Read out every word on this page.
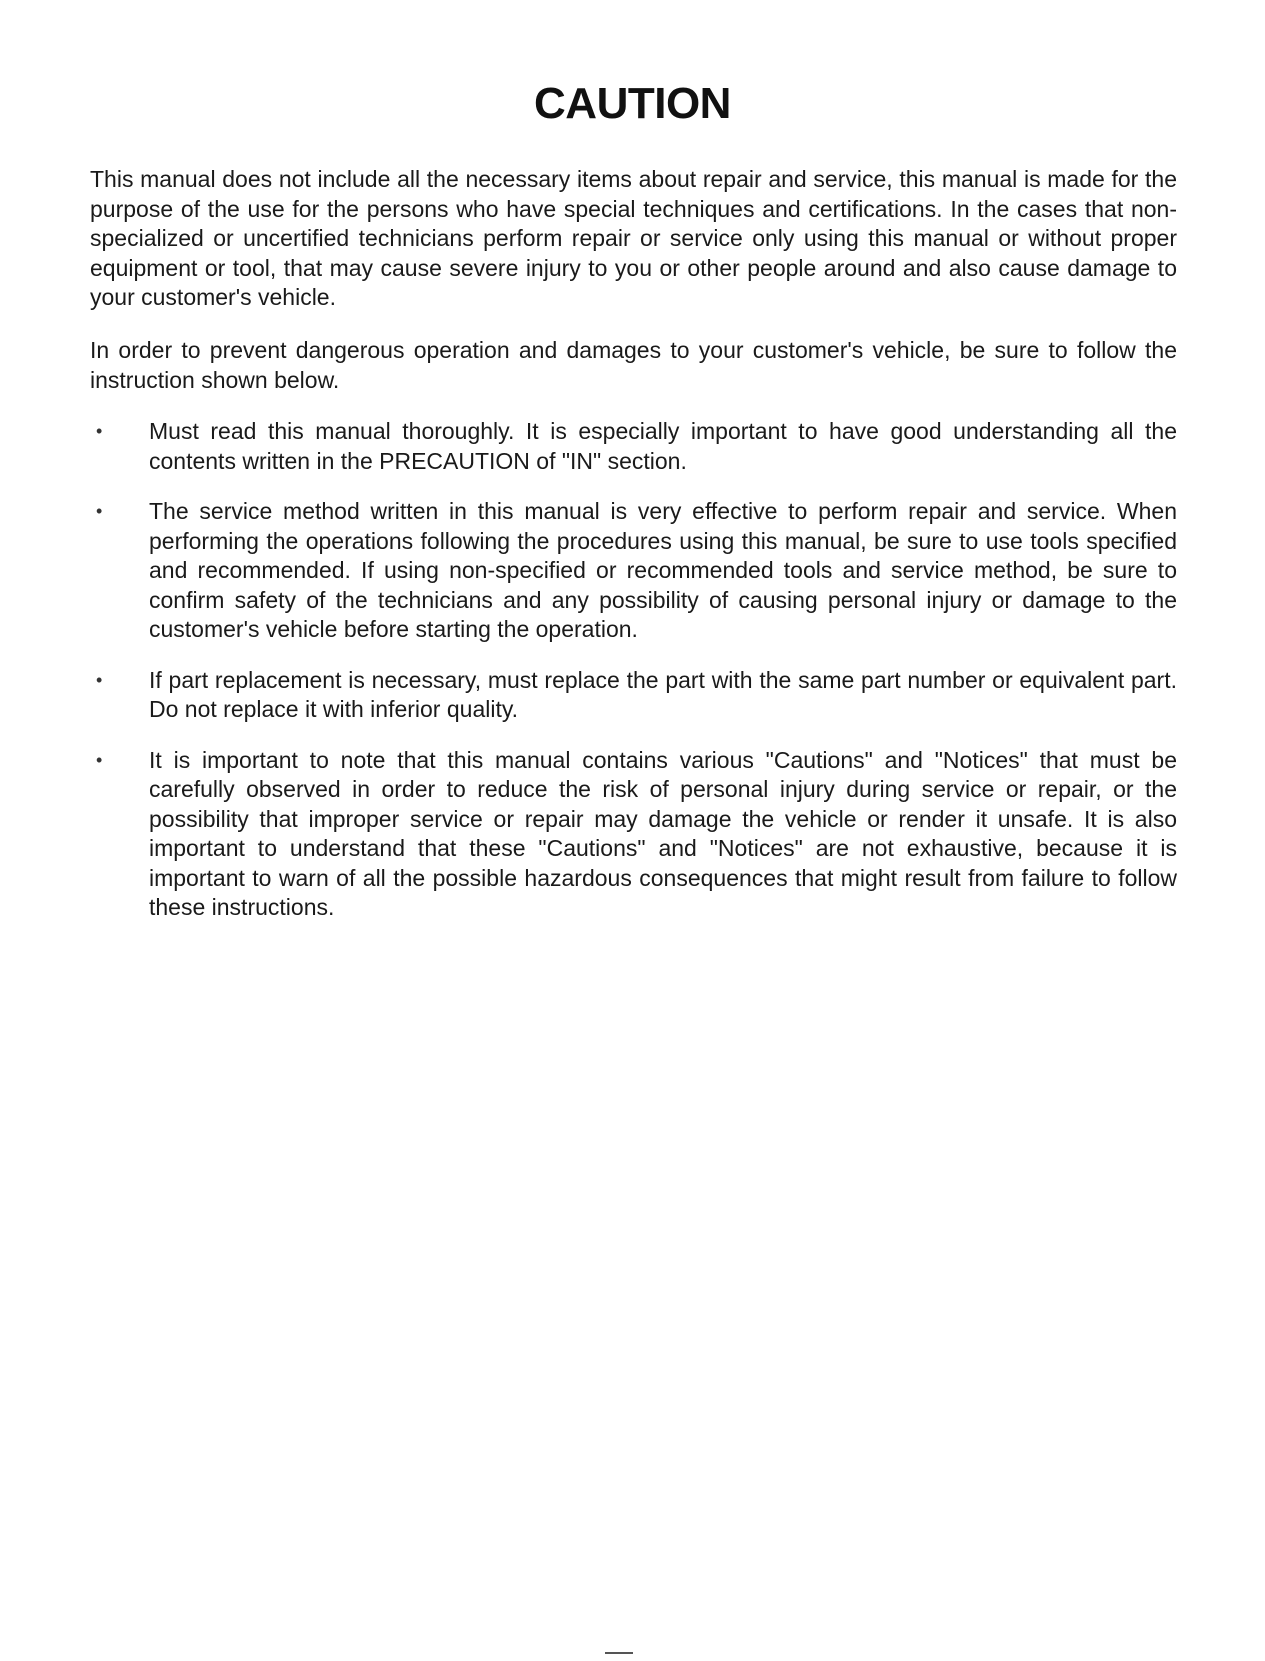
CAUTION

This manual does not include all the necessary items about repair and service, this manual is made for the purpose of the use for the persons who have special techniques and certifications. In the cases that non-specialized or uncertified technicians perform repair or service only using this manual or without proper equipment or tool, that may cause severe injury to you or other people around and also cause damage to your customer's vehicle.

In order to prevent dangerous operation and damages to your customer's vehicle, be sure to follow the instruction shown below.

• Must read this manual thoroughly. It is especially important to have good understanding all the contents written in the PRECAUTION of "IN" section.
• The service method written in this manual is very effective to perform repair and service. When performing the operations following the procedures using this manual, be sure to use tools specified and recommended. If using non-specified or recommended tools and service method, be sure to confirm safety of the technicians and any possibility of causing personal injury or damage to the customer's vehicle before starting the operation.
• If part replacement is necessary, must replace the part with the same part number or equivalent part. Do not replace it with inferior quality.
• It is important to note that this manual contains various "Cautions" and "Notices" that must be carefully observed in order to reduce the risk of personal injury during service or repair, or the possibility that improper service or repair may damage the vehicle or render it unsafe. It is also important to understand that these "Cautions" and "Notices" are not exhaustive, because it is important to warn of all the possible hazardous consequences that might result from failure to follow these instructions.
